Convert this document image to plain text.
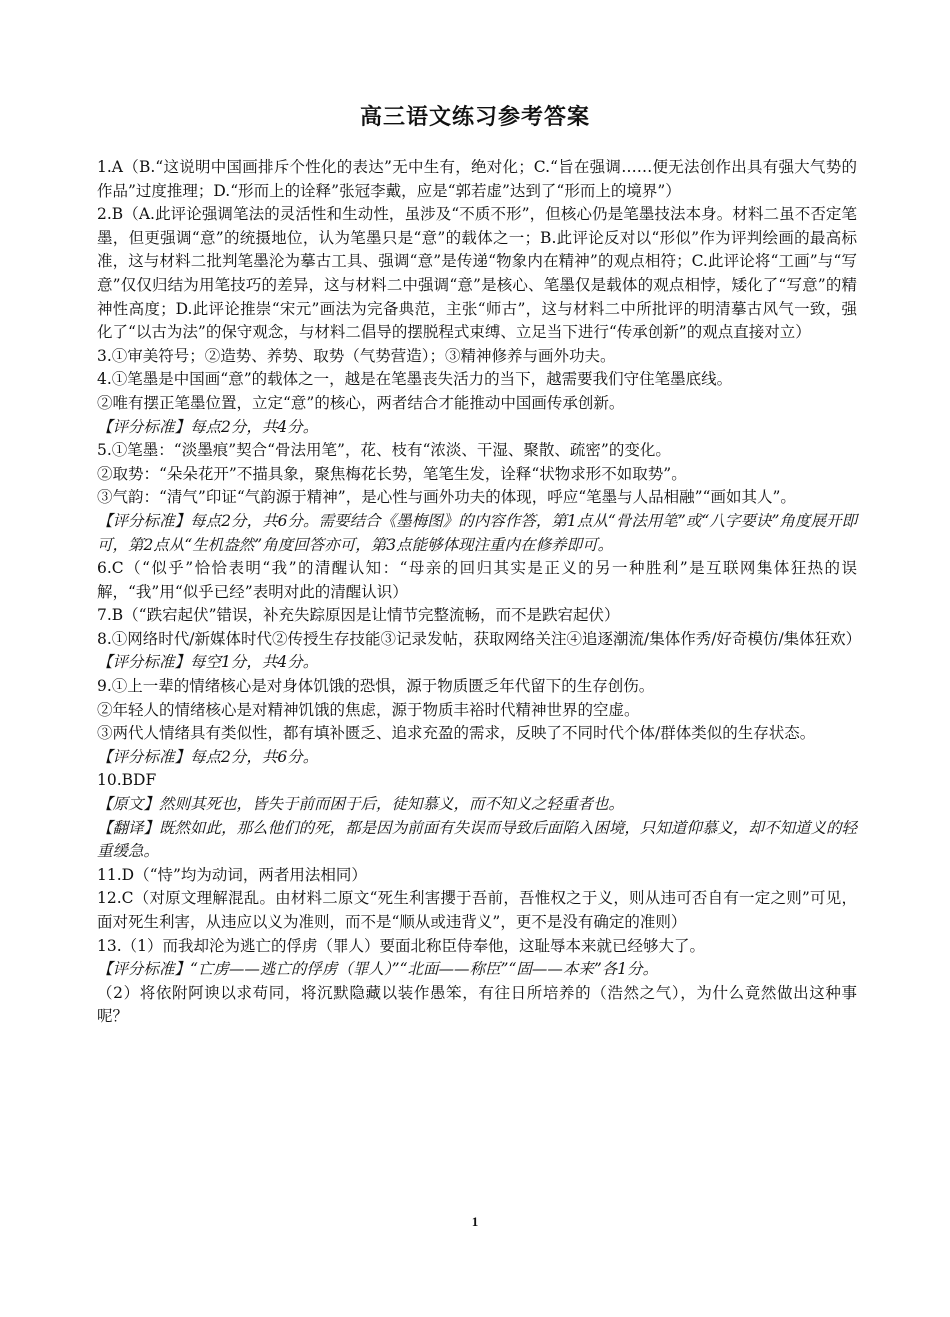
高三语文练习参考答案

1.A（B.“这说明中国画排斥个性化的表达”无中生有，绝对化；C.“旨在强调……便无法创作出具有强大气势的作品”过度推理；D.“形而上的诠释”张冠李戴，应是“郭若虚”达到了“形而上的境界”）

2.B（A.此评论强调笔法的灵活性和生动性，虽涉及“不质不形”，但核心仍是笔墨技法本身。材料二虽不否定笔墨，但更强调“意”的统摄地位，认为笔墨只是“意”的载体之一；B.此评论反对以“形似”作为评判绘画的最高标准，这与材料二批判笔墨沦为摹古工具、强调“意”是传递“物象内在精神”的观点相符；C.此评论将“工画”与“写意”仅仅归结为用笔技巧的差异，这与材料二中强调“意”是核心、笔墨仅是载体的观点相悖，矮化了“写意”的精神性高度；D.此评论推崇“宋元”画法为完备典范，主张“师古”，这与材料二中所批评的明清摹古风气一致，强化了“以古为法”的保守观念，与材料二倡导的摆脱程式束缚、立足当下进行“传承创新”的观点直接对立）

3.①审美符号；②造势、养势、取势（气势营造）；③精神修养与画外功夫。

4.①笔墨是中国画“意”的载体之一，越是在笔墨丧失活力的当下，越需要我们守住笔墨底线。

②唯有摆正笔墨位置，立定“意”的核心，两者结合才能推动中国画传承创新。

【评分标准】每点2分，共4分。

5.①笔墨：“淡墨痕”契合“骨法用笔”，花、枝有“浓淡、干湿、聚散、疏密”的变化。

②取势：“朵朵花开”不描具象，聚焦梅花长势，笔笔生发，诠释“状物求形不如取势”。

③气韵：“清气”印证“气韵源于精神”，是心性与画外功夫的体现，呼应“笔墨与人品相融”“画如其人”。

【评分标准】每点2分，共6分。需要结合《墨梅图》的内容作答，第1点从“骨法用笔”或“八字要诀”角度展开即可，第2点从“生机盎然”角度回答亦可，第3点能够体现注重内在修养即可。

6.C（“似乎”恰恰表明“我”的清醒认知：“母亲的回归其实是正义的另一种胜利”是互联网集体狂热的误解，“我”用“似乎已经”表明对此的清醒认识）

7.B（“跌宕起伏”错误，补充失踪原因是让情节完整流畅，而不是跌宕起伏）

8.①网络时代/新媒体时代②传授生存技能③记录发帖，获取网络关注④追逐潮流/集体作秀/好奇模仿/集体狂欢）

【评分标准】每空1分，共4分。

9.①上一辈的情绪核心是对身体饥饿的恐惧，源于物质匮乏年代留下的生存创伤。

②年轻人的情绪核心是对精神饥饿的焦虑，源于物质丰裕时代精神世界的空虚。

③两代人情绪具有类似性，都有填补匮乏、追求充盈的需求，反映了不同时代个体/群体类似的生存状态。

【评分标准】每点2分，共6分。

10.BDF

【原文】然则其死也，皆失于前而困于后，徒知慕义，而不知义之轻重者也。

【翻译】既然如此，那么他们的死，都是因为前面有失误而导致后面陷入困境，只知道仰慕义，却不知道义的轻重缓急。

11.D（“恃”均为动词，两者用法相同）

12.C（对原文理解混乱。由材料二原文“死生利害攖于吾前，吾惟权之于义，则从违可否自有一定之则”可见，面对死生利害，从违应以义为准则，而不是“顺从或违背义”，更不是没有确定的准则）

13.（1）而我却沦为逃亡的俘虏（罪人）要面北称臣侍奉他，这耻辱本来就已经够大了。

【评分标准】“亡虏——逃亡的俘虏（罪人）”“北面——称臣”“固——本来”各1分。

（2）将依附阿谀以求苟同，将沉默隐藏以装作愚笨，有往日所培养的（浩然之气），为什么竟然做出这种事呢？

1
